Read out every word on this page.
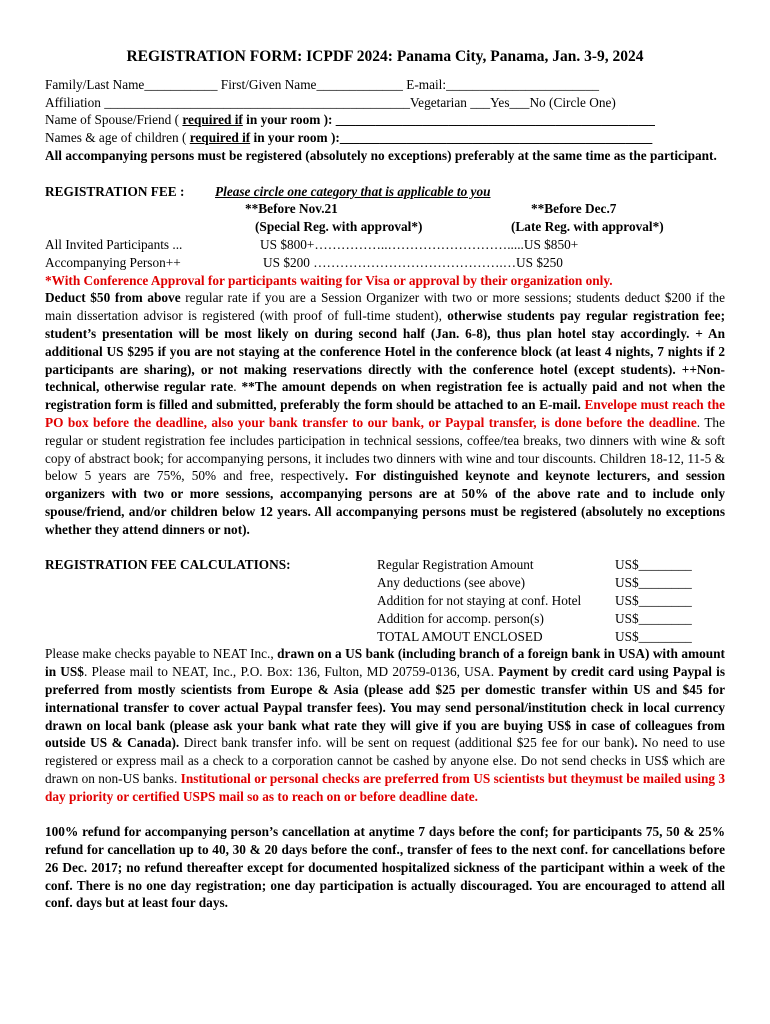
REGISTRATION FORM: ICPDF 2024: Panama City, Panama, Jan. 3-9, 2024
Family/Last Name___________ First/Given Name_____________ E-mail:_______________________
Affiliation ______________________________________________Vegetarian ___Yes___No (Circle One)
Name of Spouse/Friend ( required if in your room ): ________________________________________________
Names & age of children ( required if in your room ):_______________________________________________
All accompanying persons must be registered (absolutely no exceptions) preferably at the same time as the participant.
REGISTRATION FEE : Please circle one category that is applicable to you
**Before Nov.21	**Before Dec.7
(Special Reg. with approval*)	(Late Reg. with approval*)
All Invited Participants ...	US $800+……………..……………………….....US $850+
Accompanying Person++	US $200 …………………………………….…US $250
*With Conference Approval for participants waiting for Visa or approval by their organization only.
Deduct $50 from above regular rate if you are a Session Organizer with two or more sessions; students deduct $200 if the main dissertation advisor is registered (with proof of full-time student), otherwise students pay regular registration fee; student’s presentation will be most likely on during second half (Jan. 6-8), thus plan hotel stay accordingly. + An additional US $295 if you are not staying at the conference Hotel in the conference block (at least 4 nights, 7 nights if 2 participants are sharing), or not making reservations directly with the conference hotel (except students). ++Non-technical, otherwise regular rate. **The amount depends on when registration fee is actually paid and not when the registration form is filled and submitted, preferably the form should be attached to an E-mail. Envelope must reach the PO box before the deadline, also your bank transfer to our bank, or Paypal transfer, is done before the deadline. The regular or student registration fee includes participation in technical sessions, coffee/tea breaks, two dinners with wine & soft copy of abstract book; for accompanying persons, it includes two dinners with wine and tour discounts. Children 18-12, 11-5 & below 5 years are 75%, 50% and free, respectively. For distinguished keynote and keynote lecturers, and session organizers with two or more sessions, accompanying persons are at 50% of the above rate and to include only spouse/friend, and/or children below 12 years. All accompanying persons must be registered (absolutely no exceptions whether they attend dinners or not).
REGISTRATION FEE CALCULATIONS:	Regular Registration Amount	US$________
Any deductions (see above)	US$________
Addition for not staying at conf. Hotel	US$________
Addition for accomp. person(s)	US$________
TOTAL AMOUT ENCLOSED	US$________
Please make checks payable to NEAT Inc., drawn on a US bank (including branch of a foreign bank in USA) with amount in US$. Please mail to NEAT, Inc., P.O. Box: 136, Fulton, MD 20759-0136, USA. Payment by credit card using Paypal is preferred from mostly scientists from Europe & Asia (please add $25 per domestic transfer within US and $45 for international transfer to cover actual Paypal transfer fees). You may send personal/institution check in local currency drawn on local bank (please ask your bank what rate they will give if you are buying US$ in case of colleagues from outside US & Canada). Direct bank transfer info. will be sent on request (additional $25 fee for our bank). No need to use registered or express mail as a check to a corporation cannot be cashed by anyone else. Do not send checks in US$ which are drawn on non-US banks. Institutional or personal checks are preferred from US scientists but theymust be mailed using 3 day priority or certified USPS mail so as to reach on or before deadline date.
100% refund for accompanying person’s cancellation at anytime 7 days before the conf; for participants 75, 50 & 25% refund for cancellation up to 40, 30 & 20 days before the conf., transfer of fees to the next conf. for cancellations before 26 Dec. 2017; no refund thereafter except for documented hospitalized sickness of the participant within a week of the conf. There is no one day registration; one day participation is actually discouraged. You are encouraged to attend all conf. days but at least four days.
